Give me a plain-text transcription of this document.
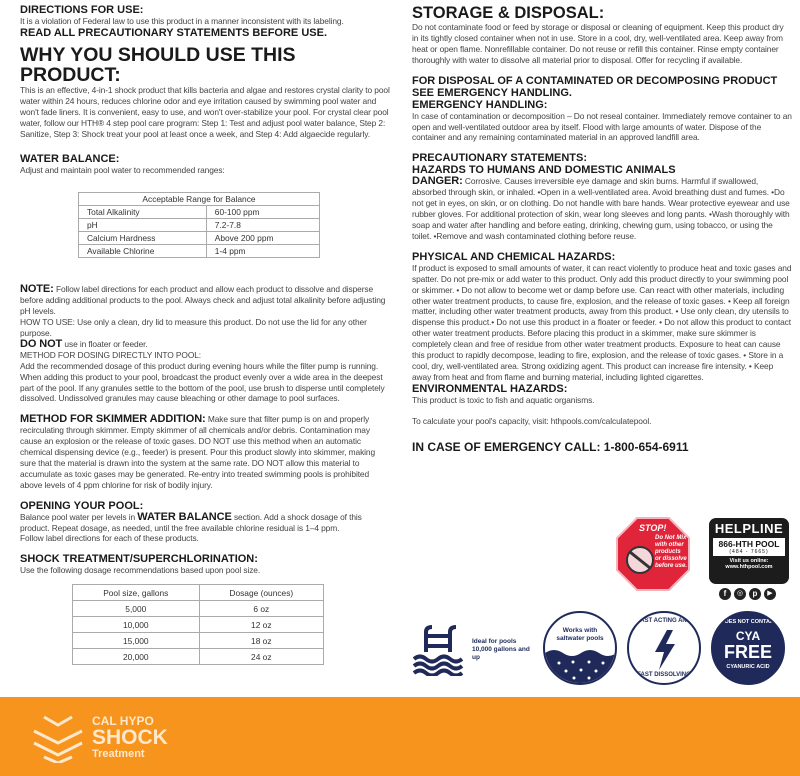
DIRECTIONS FOR USE:

It is a violation of Federal law to use this product in a manner inconsistent with its labeling.

READ ALL PRECAUTIONARY STATEMENTS BEFORE USE.
WHY YOU SHOULD USE THIS PRODUCT:

This is an effective, 4-in-1 shock product that kills bacteria and algae and restores crystal clarity to pool water within 24 hours, reduces chlorine odor and eye irritation caused by swimming pool water and won't fade liners. It is convenient, easy to use, and won't over-stabilize your pool. For crystal clear pool water, follow our HTH® 4 step pool care program: Step 1: Test and adjust pool water balance, Step 2: Sanitize, Step 3: Shock treat your pool at least once a week, and Step 4: Add algaecide regularly.

WATER BALANCE:

Adjust and maintain pool water to recommended ranges:

Acceptable Range for Balance	
Total Alkalinity	60-100 ppm
pH	7.2-7.8
Calcium Hardness	Above 200 ppm
Available Chlorine	1-4 ppm

NOTE: Follow label directions for each product and allow each product to dissolve and disperse before adding additional products to the pool. Always check and adjust total alkalinity before adjusting pH levels.

HOW TO USE: Use only a clean, dry lid to measure this product. Do not use the lid for any other purpose.

DO NOT use in floater or feeder.

METHOD FOR DOSING DIRECTLY INTO POOL:

Add the recommended dosage of this product during evening hours while the filter pump is running. When adding this product to your pool, broadcast the product evenly over a wide area in the deepest part of the pool. If any granules settle to the bottom of the pool, use brush to disperse until completely dissolved. Undissolved granules may cause bleaching or other damage to pool surfaces.

METHOD FOR SKIMMER ADDITION: Make sure that filter pump is on and properly recirculating through skimmer. Empty skimmer of all chemicals and/or debris. Contamination may cause an explosion or the release of toxic gases. DO NOT use this method when an automatic chemical dispensing device (e.g., feeder) is present. Pour this product slowly into skimmer, making sure that the material is drawn into the system at the same rate. DO NOT allow this material to accumulate as toxic gases may be generated. Re-entry into treated swimming pools is prohibited above levels of 4 ppm chlorine for risk of bodily injury.

OPENING YOUR POOL:

Balance pool water per levels in WATER BALANCE section. Add a shock dosage of this product. Repeat dosage, as needed, until the free available chlorine residual is 1–4 ppm.

Follow label directions for each of these products.

SHOCK TREATMENT/SUPERCHLORINATION:

Use the following dosage recommendations based upon pool size.

Pool size, gallons	Dosage (ounces)
5,000	6 oz
10,000	12 oz
15,000	18 oz
20,000	24 oz
STORAGE & DISPOSAL:

Do not contaminate food or feed by storage or disposal or cleaning of equipment. Keep this product dry in its tightly closed container when not in use. Store in a cool, dry, well-ventilated area. Keep away from heat or open flame. Nonrefillable container. Do not reuse or refill this container. Rinse empty container thoroughly with water to dissolve all material prior to disposal. Offer for recycling if available.

FOR DISPOSAL OF A CONTAMINATED OR DECOMPOSING PRODUCT SEE EMERGENCY HANDLING.
EMERGENCY HANDLING:

In case of contamination or decomposition – Do not reseal container. Immediately remove container to an open and well-ventilated outdoor area by itself. Flood with large amounts of water. Dispose of the container and any remaining contaminated material in an approved landfill area.

PRECAUTIONARY STATEMENTS:
HAZARDS TO HUMANS AND DOMESTIC ANIMALS

DANGER: Corrosive. Causes irreversible eye damage and skin burns. Harmful if swallowed, absorbed through skin, or inhaled. •Open in a well-ventilated area. Avoid breathing dust and fumes. •Do not get in eyes, on skin, or on clothing. Do not handle with bare hands. Wear protective eyewear and use rubber gloves. For additional protection of skin, wear long sleeves and long pants. •Wash thoroughly with soap and water after handling and before eating, drinking, chewing gum, using tobacco, or using the toilet. •Remove and wash contaminated clothing before reuse.

PHYSICAL AND CHEMICAL HAZARDS:

If product is exposed to small amounts of water, it can react violently to produce heat and toxic gases and spatter. Do not pre-mix or add water to this product. Only add this product directly to your swimming pool or skimmer. • Do not allow to become wet or damp before use. Can react with other materials, including other water treatment products, to cause fire, explosion, and the release of toxic gases. • Keep all foreign matter, including other water treatment products, away from this product. • Use only clean, dry utensils to dispense this product.• Do not use this product in a floater or feeder. • Do not allow this product to contact other water treatment products. Before placing this product in a skimmer, make sure skimmer is completely clean and free of residue from other water treatment products. Exposure to heat can cause this product to rapidly decompose, leading to fire, explosion, and the release of toxic gases. • Store in a cool, dry, well-ventilated area. Strong oxidizing agent. This product can increase fire intensity. • Keep away from heat and from flame and burning material, including lighted cigarettes.

ENVIRONMENTAL HAZARDS:

This product is toxic to fish and aquatic organisms.

To calculate your pool's capacity, visit: hthpools.com/calculatepool.

IN CASE OF EMERGENCY CALL: 1-800-654-6911
STOP!
Do Not Mix with other products or dissolve before use.
HELPLINE
866-HTH POOL
(484 - 7665)
Visit us online:
www.hthpool.com
f	◎	p	▶
Ideal for pools 10,000 gallons and up
Works with saltwater pools
FAST ACTING AND
FAST DISSOLVING
DOES NOT CONTAIN
CYA
FREE
CYANURIC ACID
CAL HYPO
SHOCK
Treatment
